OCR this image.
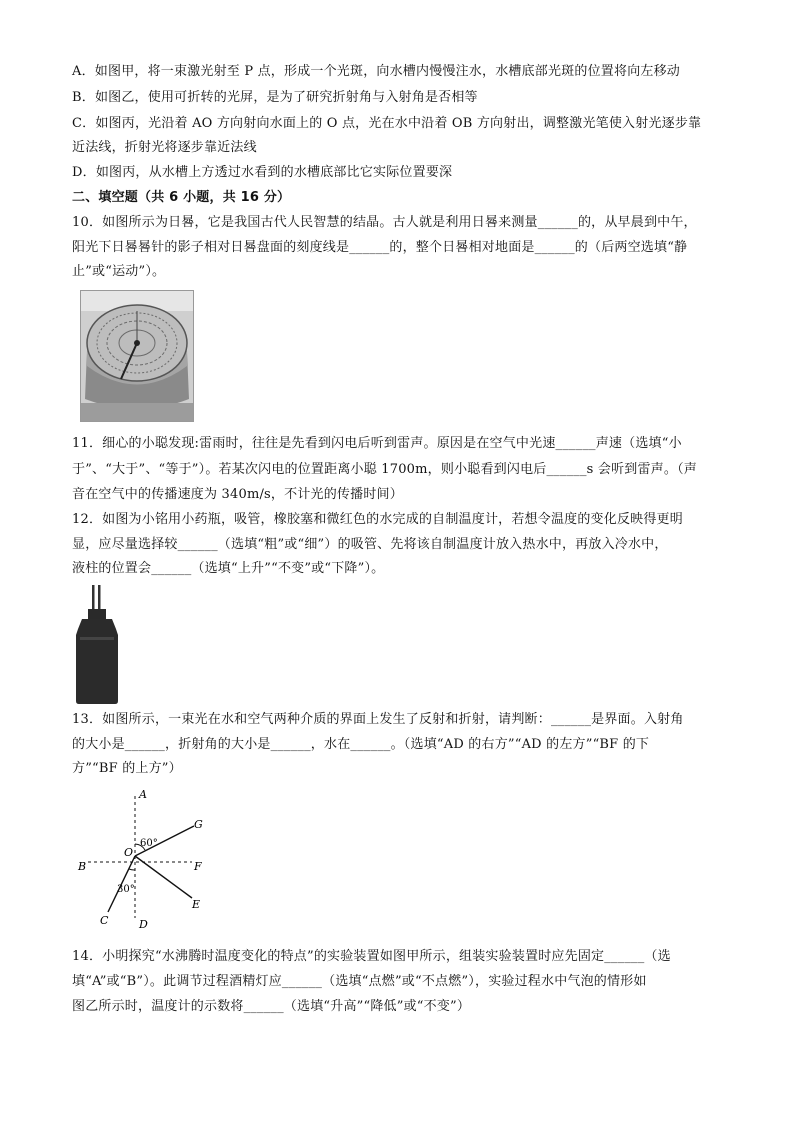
A．如图甲，将一束激光射至 P 点，形成一个光斑，向水槽内慢慢注水，水槽底部光斑的位置将向左移动
B．如图乙，使用可折转的光屏，是为了研究折射角与入射角是否相等
C．如图丙，光沿着 AO 方向射向水面上的 O 点，光在水中沿着 OB 方向射出，调整激光笔使入射光逐步靠
近法线，折射光将逐步靠近法线
D．如图丙，从水槽上方透过水看到的水槽底部比它实际位置要深
二、填空题（共 6 小题，共 16 分）
10．如图所示为日晷，它是我国古代人民智慧的结晶。古人就是利用日晷来测量______的，从早晨到中午，
阳光下日晷晷针的影子相对日晷盘面的刻度线是______的，整个日晷相对地面是______的（后两空选填“静
止”或“运动”）。
11．细心的小聪发现:雷雨时，往往是先看到闪电后听到雷声。原因是在空气中光速______声速（选填“小
于”、“大于”、“等于”）。若某次闪电的位置距离小聪 1700m，则小聪看到闪电后______s 会听到雷声。（声
音在空气中的传播速度为 340m/s，不计光的传播时间）
12．如图为小铭用小药瓶，吸管，橡胶塞和微红色的水完成的自制温度计，若想令温度的变化反映得更明
显，应尽量选择较______（选填“粗”或“细”）的吸管、先将该自制温度计放入热水中，再放入冷水中，
液柱的位置会______（选填“上升”“不变”或“下降”）。
13．如图所示，一束光在水和空气两种介质的界面上发生了反射和折射，请判断：______是界面。入射角
的大小是______，折射角的大小是______，水在______。（选填“AD 的右方”“AD 的左方”“BF 的下
方”“BF 的上方”）
A
B
C	D
E
F
G
O
60°
30°
14．小明探究“水沸腾时温度变化的特点”的实验装置如图甲所示，组装实验装置时应先固定______（选
填“A”或“B”）。此调节过程酒精灯应______（选填“点燃”或“不点燃”），实验过程水中气泡的情形如
图乙所示时，温度计的示数将______（选填“升高”“降低”或“不变”）
